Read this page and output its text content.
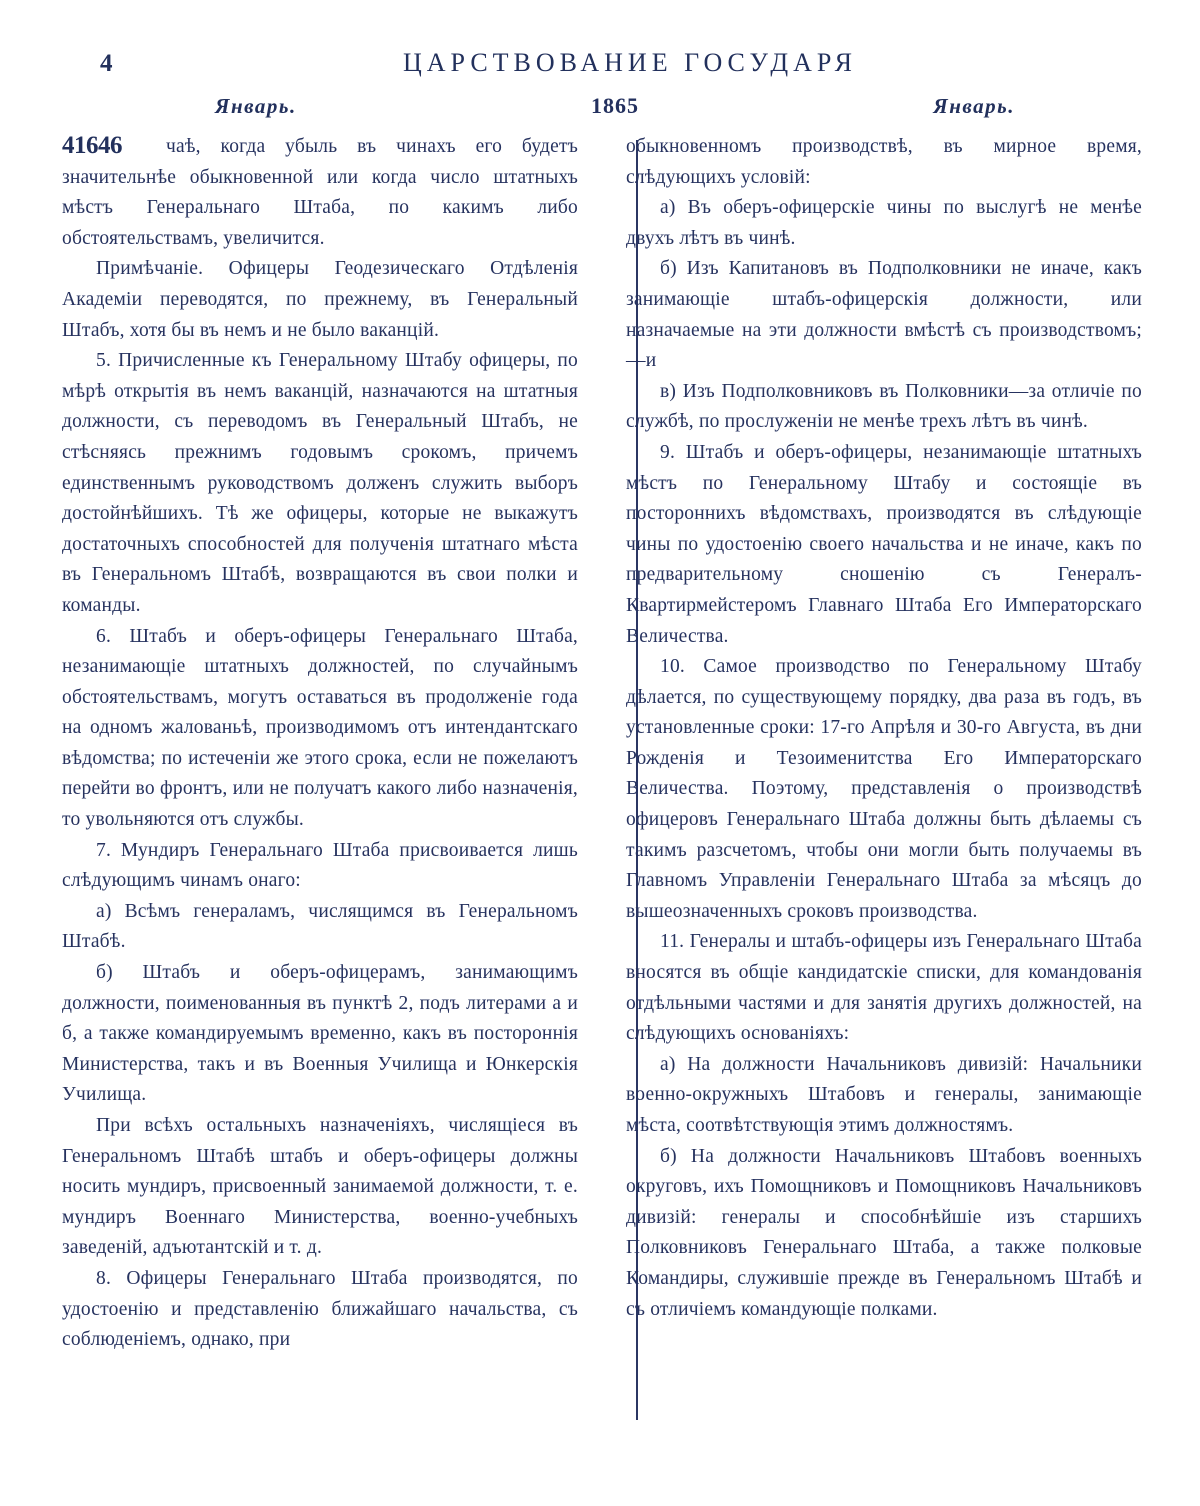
4	ЦАРСТВОВАНИЕ ГОСУДАРЯ
Январь.	1865	Январь.
41646	чаѣ, когда убыль въ чинахъ его будетъ значительнѣе обыкновенной или когда число штатныхъ мѣстъ Генеральнаго Штаба, по какимъ либо обстоятельствамъ, увеличится.

Примѣчаніе. Офицеры Геодезическаго Отдѣленія Академіи переводятся, по прежнему, въ Генеральный Штабъ, хотя бы въ немъ и не было ваканцій.

5. Причисленные къ Генеральному Штабу офицеры, по мѣрѣ открытія въ немъ ваканцій, назначаются на штатныя должности, съ переводомъ въ Генеральный Штабъ, не стѣсняясь прежнимъ годовымъ срокомъ, причемъ единственнымъ руководствомъ долженъ служить выборъ достойнѣйшихъ. Тѣ же офицеры, которые не выкажутъ достаточныхъ способностей для полученія штатнаго мѣста въ Генеральномъ Штабѣ, возвращаются въ свои полки и команды.

6. Штабъ и оберъ-офицеры Генеральнаго Штаба, незанимающіе штатныхъ должностей, по случайнымъ обстоятельствамъ, могутъ оставаться въ продолженіе года на одномъ жалованьѣ, производимомъ отъ интендантскаго вѣдомства; по истеченіи же этого срока, если не пожелаютъ перейти во фронтъ, или не получатъ какого либо назначенія, то увольняются отъ службы.

7. Мундиръ Генеральнаго Штаба присвоивается лишь слѣдующимъ чинамъ онаго:

а) Всѣмъ генераламъ, числящимся въ Генеральномъ Штабѣ.

б) Штабъ и оберъ-офицерамъ, занимающимъ должности, поименованныя въ пунктѣ 2, подъ литерами а и б, а также командируемымъ временно, какъ въ постороннія Министерства, такъ и въ Военныя Училища и Юнкерскія Училища.

При всѣхъ остальныхъ назначеніяхъ, числящіеся въ Генеральномъ Штабѣ штабъ и оберъ-офицеры должны носить мундиръ, присвоенный занимаемой должности, т. е. мундиръ Военнаго Министерства, военно-учебныхъ заведеній, адъютантскій и т. д.

8. Офицеры Генеральнаго Штаба производятся, по удостоенію и представленію ближайшаго начальства, съ соблюденіемъ, однако, при

обыкновенномъ производствѣ, въ мирное время, слѣдующихъ условій:

а) Въ оберъ-офицерскіе чины по выслугѣ не менѣе двухъ лѣтъ въ чинѣ.

б) Изъ Капитановъ въ Подполковники не иначе, какъ занимающіе штабъ-офицерскія должности, или назначаемые на эти должности вмѣстѣ съ производствомъ;—и

в) Изъ Подполковниковъ въ Полковники—за отличіе по службѣ, по прослуженіи не менѣе трехъ лѣтъ въ чинѣ.

9. Штабъ и оберъ-офицеры, незанимающіе штатныхъ мѣстъ по Генеральному Штабу и состоящіе въ постороннихъ вѣдомствахъ, производятся въ слѣдующіе чины по удостоенію своего начальства и не иначе, какъ по предварительному сношенію съ Генералъ-Квартирмейстеромъ Главнаго Штаба Его Императорскаго Величества.

10. Самое производство по Генеральному Штабу дѣлается, по существующему порядку, два раза въ годъ, въ установленные сроки: 17-го Апрѣля и 30-го Августа, въ дни Рожденія и Тезоименитства Его Императорскаго Величества. Поэтому, представленія о производствѣ офицеровъ Генеральнаго Штаба должны быть дѣлаемы съ такимъ разсчетомъ, чтобы они могли быть получаемы въ Главномъ Управленіи Генеральнаго Штаба за мѣсяцъ до вышеозначенныхъ сроковъ производства.

11. Генералы и штабъ-офицеры изъ Генеральнаго Штаба вносятся въ общіе кандидатскіе списки, для командованія отдѣльными частями и для занятія другихъ должностей, на слѣдующихъ основаніяхъ:

а) На должности Начальниковъ дивизій: Начальники военно-окружныхъ Штабовъ и генералы, занимающіе мѣста, соотвѣтствующія этимъ должностямъ.

б) На должности Начальниковъ Штабовъ военныхъ округовъ, ихъ Помощниковъ и Помощниковъ Начальниковъ дивизій: генералы и способнѣйшіе изъ старшихъ Полковниковъ Генеральнаго Штаба, а также полковые Командиры, служившіе прежде въ Генеральномъ Штабѣ и съ отличіемъ командующіе полками.
